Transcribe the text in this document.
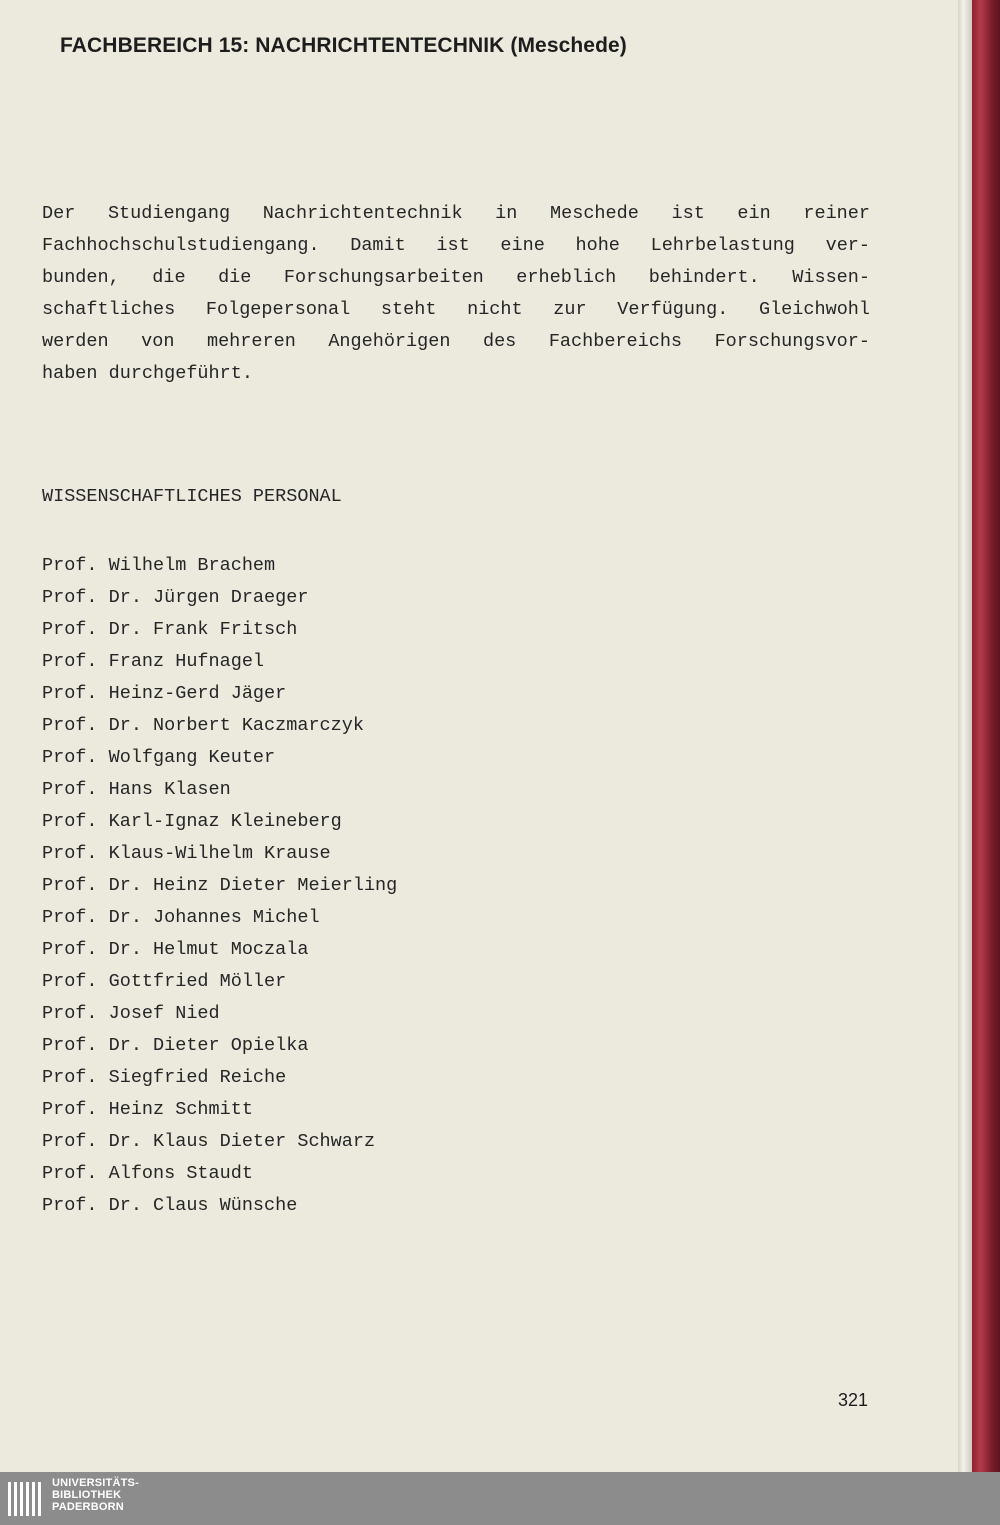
FACHBEREICH 15: NACHRICHTENTECHNIK (Meschede)
Der Studiengang Nachrichtentechnik in Meschede ist ein reiner
Fachhochschulstudiengang. Damit ist eine hohe Lehrbelastung ver-
bunden, die die Forschungsarbeiten erheblich behindert. Wissen-
schaftliches Folgepersonal steht nicht zur Verfügung. Gleichwohl
werden von mehreren Angehörigen des Fachbereichs Forschungsvor-
haben durchgeführt.
WISSENSCHAFTLICHES PERSONAL
Prof. Wilhelm Brachem
Prof. Dr. Jürgen Draeger
Prof. Dr. Frank Fritsch
Prof. Franz Hufnagel
Prof. Heinz-Gerd Jäger
Prof. Dr. Norbert Kaczmarczyk
Prof. Wolfgang Keuter
Prof. Hans Klasen
Prof. Karl-Ignaz Kleineberg
Prof. Klaus-Wilhelm Krause
Prof. Dr. Heinz Dieter Meierling
Prof. Dr. Johannes Michel
Prof. Dr. Helmut Moczala
Prof. Gottfried Möller
Prof. Josef Nied
Prof. Dr. Dieter Opielka
Prof. Siegfried Reiche
Prof. Heinz Schmitt
Prof. Dr. Klaus Dieter Schwarz
Prof. Alfons Staudt
Prof. Dr. Claus Wünsche
321
UNIVERSITÄTS-
BIBLIOTHEK
PADERBORN
